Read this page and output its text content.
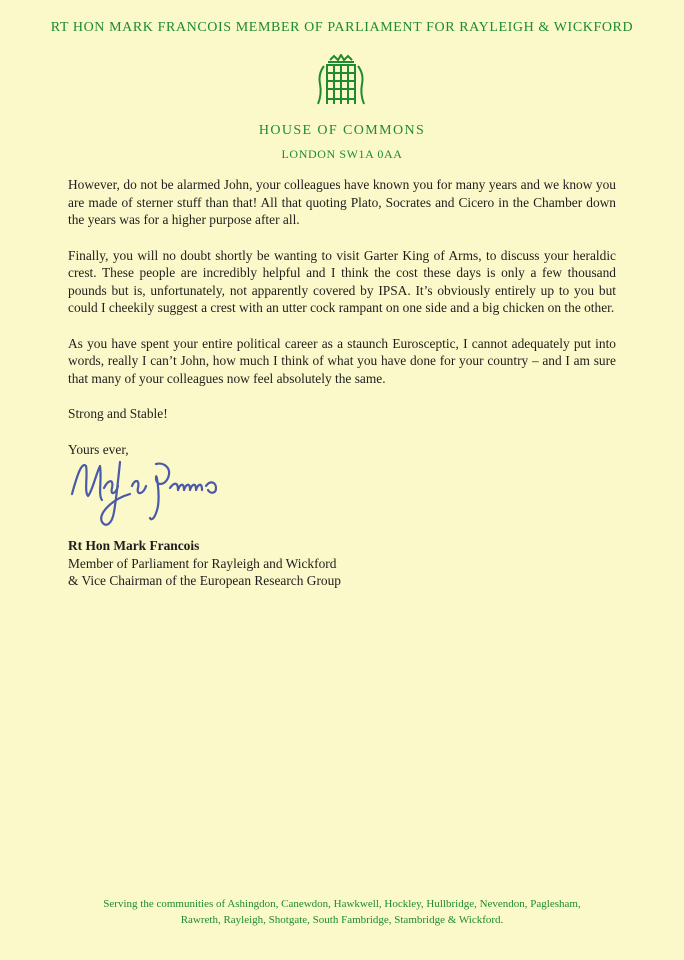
RT HON MARK FRANCOIS MEMBER OF PARLIAMENT FOR RAYLEIGH & WICKFORD
HOUSE OF COMMONS
LONDON SW1A 0AA

However, do not be alarmed John, your colleagues have known you for many years and we know you are made of sterner stuff than that! All that quoting Plato, Socrates and Cicero in the Chamber down the years was for a higher purpose after all.

Finally, you will no doubt shortly be wanting to visit Garter King of Arms, to discuss your heraldic crest. These people are incredibly helpful and I think the cost these days is only a few thousand pounds but is, unfortunately, not apparently covered by IPSA. It’s obviously entirely up to you but could I cheekily suggest a crest with an utter cock rampant on one side and a big chicken on the other.

As you have spent your entire political career as a staunch Eurosceptic, I cannot adequately put into words, really I can’t John, how much I think of what you have done for your country – and I am sure that many of your colleagues now feel absolutely the same.

Strong and Stable!

Yours ever,

Rt Hon Mark Francois
Member of Parliament for Rayleigh and Wickford
& Vice Chairman of the European Research Group
Serving the communities of Ashingdon, Canewdon, Hawkwell, Hockley, Hullbridge, Nevendon, Paglesham,
Rawreth, Rayleigh, Shotgate, South Fambridge, Stambridge & Wickford.
